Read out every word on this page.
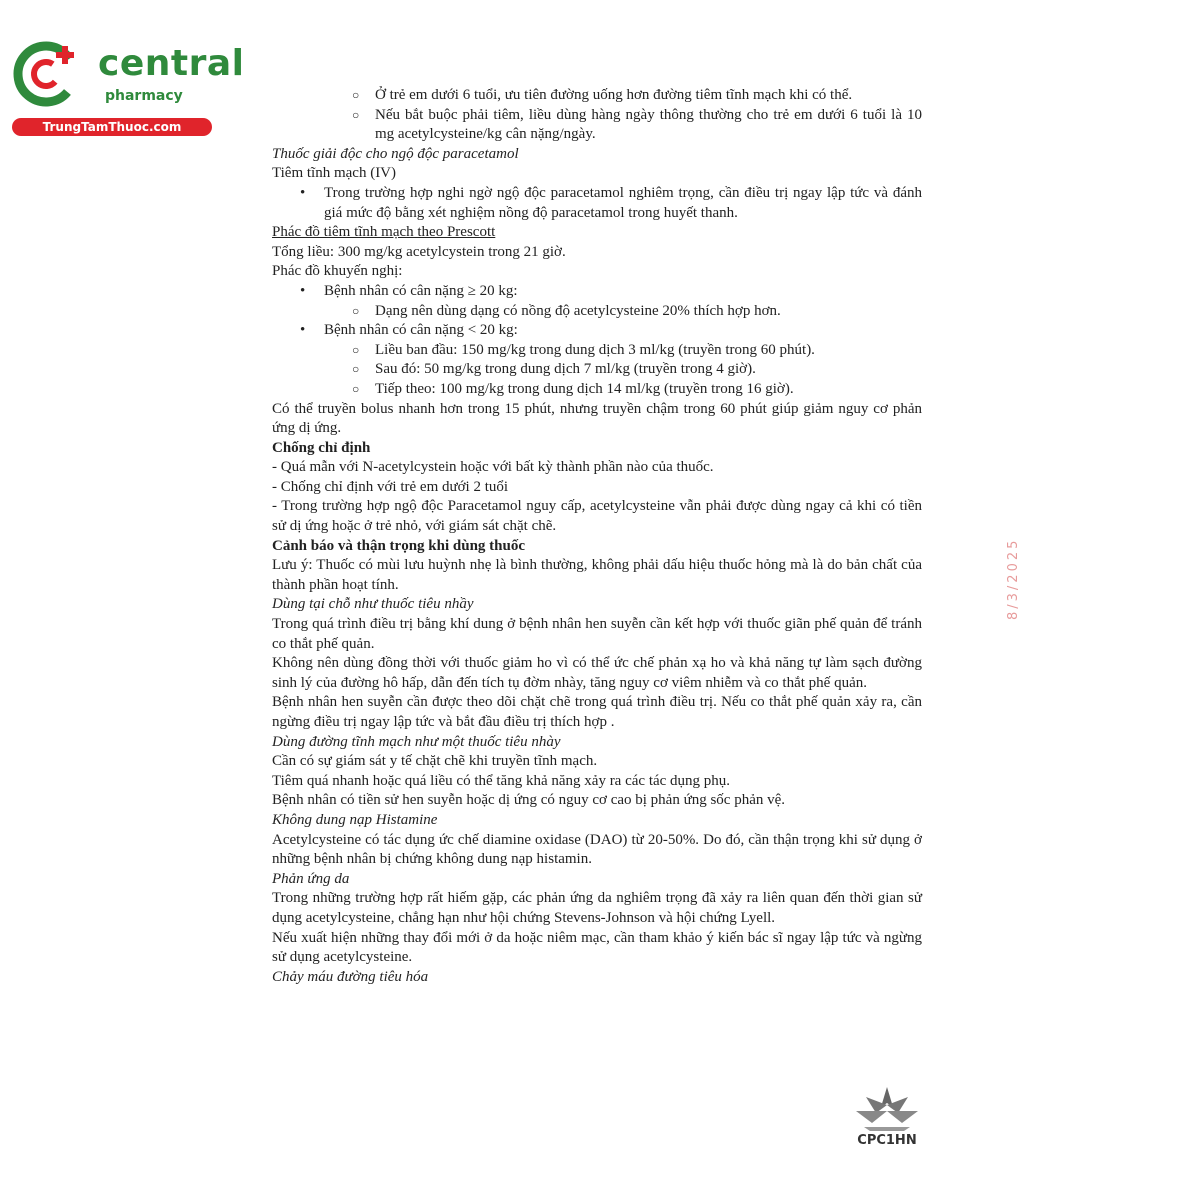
central
pharmacy
TrungTamThuoc.com

○ Ở trẻ em dưới 6 tuổi, ưu tiên đường uống hơn đường tiêm tĩnh mạch khi có thể.

○ Nếu bắt buộc phải tiêm, liều dùng hàng ngày thông thường cho trẻ em dưới 6 tuổi là 10 mg acetylcysteine/kg cân nặng/ngày.

Thuốc giải độc cho ngộ độc paracetamol

Tiêm tĩnh mạch (IV)

• Trong trường hợp nghi ngờ ngộ độc paracetamol nghiêm trọng, cần điều trị ngay lập tức và đánh giá mức độ bằng xét nghiệm nồng độ paracetamol trong huyết thanh.

Phác đồ tiêm tĩnh mạch theo Prescott

Tổng liều: 300 mg/kg acetylcystein trong 21 giờ.

Phác đồ khuyến nghị:

• Bệnh nhân có cân nặng ≥ 20 kg:

○ Dạng nên dùng dạng có nồng độ acetylcysteine 20% thích hợp hơn.

• Bệnh nhân có cân nặng < 20 kg:

○ Liều ban đầu: 150 mg/kg trong dung dịch 3 ml/kg (truyền trong 60 phút).

○ Sau đó: 50 mg/kg trong dung dịch 7 ml/kg (truyền trong 4 giờ).

○ Tiếp theo: 100 mg/kg trong dung dịch 14 ml/kg (truyền trong 16 giờ).

Có thể truyền bolus nhanh hơn trong 15 phút, nhưng truyền chậm trong 60 phút giúp giảm nguy cơ phản ứng dị ứng.

Chống chỉ định

- Quá mẫn với N-acetylcystein hoặc với bất kỳ thành phần nào của thuốc.

- Chống chỉ định với trẻ em dưới 2 tuổi

- Trong trường hợp ngộ độc Paracetamol nguy cấp, acetylcysteine vẫn phải được dùng ngay cả khi có tiền sử dị ứng hoặc ở trẻ nhỏ, với giám sát chặt chẽ.

Cảnh báo và thận trọng khi dùng thuốc

Lưu ý: Thuốc có mùi lưu huỳnh nhẹ là bình thường, không phải dấu hiệu thuốc hỏng mà là do bản chất của thành phần hoạt tính.

Dùng tại chỗ như thuốc tiêu nhầy

Trong quá trình điều trị bằng khí dung ở bệnh nhân hen suyễn cần kết hợp với thuốc giãn phế quản để tránh co thắt phế quản.

Không nên dùng đồng thời với thuốc giảm ho vì có thể ức chế phản xạ ho và khả năng tự làm sạch đường sinh lý của đường hô hấp, dẫn đến tích tụ đờm nhày, tăng nguy cơ viêm nhiễm và co thắt phế quản.

Bệnh nhân hen suyễn cần được theo dõi chặt chẽ trong quá trình điều trị. Nếu co thắt phế quản xảy ra, cần ngừng điều trị ngay lập tức và bắt đầu điều trị thích hợp .

Dùng đường tĩnh mạch như một thuốc tiêu nhày

Cần có sự giám sát y tế chặt chẽ khi truyền tĩnh mạch.

Tiêm quá nhanh hoặc quá liều có thể tăng khả năng xảy ra các tác dụng phụ.

Bệnh nhân có tiền sử hen suyễn hoặc dị ứng có nguy cơ cao bị phản ứng sốc phản vệ.

Không dung nạp Histamine

Acetylcysteine có tác dụng ức chế diamine oxidase (DAO) từ 20-50%. Do đó, cần thận trọng khi sử dụng ở những bệnh nhân bị chứng không dung nạp histamin.

Phản ứng da

Trong những trường hợp rất hiếm gặp, các phản ứng da nghiêm trọng đã xảy ra liên quan đến thời gian sử dụng acetylcysteine, chẳng hạn như hội chứng Stevens-Johnson và hội chứng Lyell.

Nếu xuất hiện những thay đổi mới ở da hoặc niêm mạc, cần tham khảo ý kiến bác sĩ ngay lập tức và ngừng sử dụng acetylcysteine.

Chảy máu đường tiêu hóa

8/3/2025
CPC1HN
